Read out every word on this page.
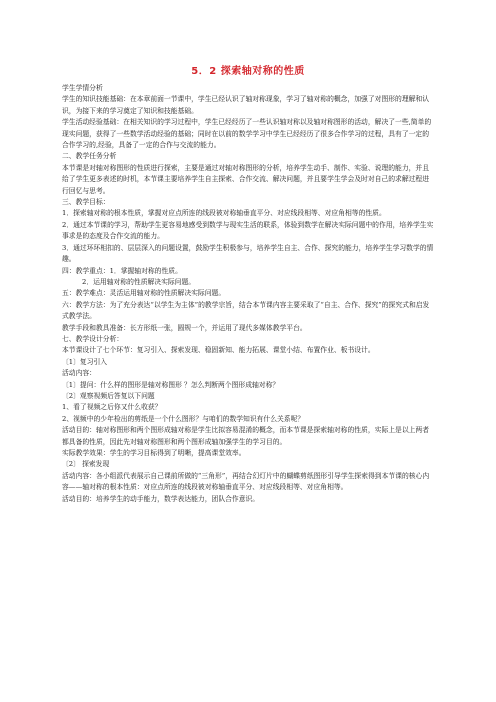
5．2 探索轴对称的性质

学生学情分析

学生的知识技能基础：在本章前面一节课中，学生已经认识了轴对称现象，学习了轴对称的概念，加强了对图形的理解和认识，为接下来的学习奠定了知识和技能基础。

学生活动经验基础：在相关知识的学习过程中，学生已经经历了一些认识轴对称以及轴对称图形的活动，解决了一些,简单的现实问题，获得了一些数学活动经验的基础；同时在以前的数学学习中学生已经经历了很多合作学习的过程，具有了一定的合作学习的,经验，具备了一定的合作与交流的能力。

二、教学任务分析

本节课是对轴对称图形的性质进行探索，主要是通过对轴对称图形的分析，培养学生动手、制作、实验、说理的能力，并且给了学生更多表述的时机，本节课主要培养学生自主探索、合作交流、解决问题，并且要学生学会及时对自己的求解过程进行回忆与思考。

三、教学目标：

1．探索轴对称的根本性质，掌握对应点所连的线段被对称轴垂直平分、对应线段相等、对应角相等的性质。

2．通过本节课的学习，帮助学生更容易地感受到数学与现实生活的联系，体验到数学在解决实际问题中的作用，培养学生实事求是的态度及合作交流的能力。

3．通过环环相扣的、层层深入的问题设置，鼓励学生积极参与，培养学生自主、合作、探究的能力，培养学生学习数学的情趣。

四：教学重点：1．掌握轴对称的性质。

2．运用轴对称的性质解决实际问题。

五：教学难点：灵活运用轴对称的性质解决实际问题。

六：教学方法：为了充分表达“以学生为主体”的教学宗旨，结合本节课内容主要采取了“自主、合作、探究”的探究式和启发式教学法。

教学手段和教具准备：长方形纸一张，圆规一个，并运用了现代多媒体教学平台。

七、教学设计分析：

本节课设计了七个环节：复习引入、探索发现、稳固新知、能力拓展、课堂小结、布置作业、板书设计。

〔1〕复习引入

活动内容：

〔1〕提问：什么样的图形是轴对称图形 ？怎么判断两个图形成轴对称？

〔2〕观察视频后答复以下问题

1、看了视频之后你又什么收获？

2、视频中的少年检出的剪纸是一个什么图形？与咱们的数学知识有什么关系呢？

活动目的：轴对称图形和两个图形成轴对称是学生比拟容易混淆的概念，而本节课是探索轴对称的性质，实际上是以上两者都具备的性质，因此先对轴对称图形和两个图形成轴加强学生的学习目的。

实际教学效果：学生的学习目标得到了明晰，提高课堂效率。

〔2〕 探索发现

活动内容：各小组派代表展示自己课前所做的“三角形”，再结合幻灯片中的蝴蝶剪纸图形引导学生探索得到本节课的核心内容——轴对称的根本性质：对应点所连的线段被对称轴垂直平分、对应线段相等、对应角相等。

活动目的：培养学生的动手能力，数学表达能力，团队合作意识。
